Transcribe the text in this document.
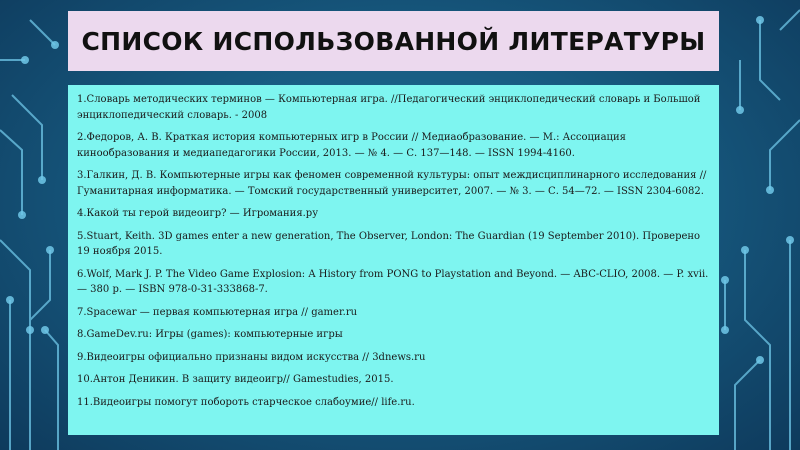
СПИСОК ИСПОЛЬЗОВАННОЙ ЛИТЕРАТУРЫ
1.Словарь методических терминов — Компьютерная игра. //Педагогический энциклопедический словарь и Большой энциклопедический словарь. - 2008
2.Федоров, А. В. Краткая история компьютерных игр в России // Медиаобразование. — М.: Ассоциация кинообразования и медиапедагогики России, 2013. — № 4. — С. 137—148. — ISSN 1994-4160.
3.Галкин, Д. В. Компьютерные игры как феномен современной культуры: опыт междисциплинарного исследования // Гуманитарная информатика. — Томский государственный университет, 2007. — № 3. — С. 54—72. — ISSN 2304-6082.
4.Какой ты герой видеоигр? — Игромания.ру
5.Stuart, Keith. 3D games enter a new generation, The Observer, London: The Guardian (19 September 2010). Проверено 19 ноября 2015.
6.Wolf, Mark J. P. The Video Game Explosion: A History from PONG to Playstation and Beyond. — ABC-CLIO, 2008. — P. xvii. — 380 p. — ISBN 978-0-31-333868-7.
7.Spacewar — первая компьютерная игра // gamer.ru
8.GameDev.ru: Игры (games): компьютерные игры
9.Видеоигры официально признаны видом искусства // 3dnews.ru
10.Антон Деникин. В защиту видеоигр// Gamestudies, 2015.
11.Видеоигры помогут побороть старческое слабоумие// life.ru.
